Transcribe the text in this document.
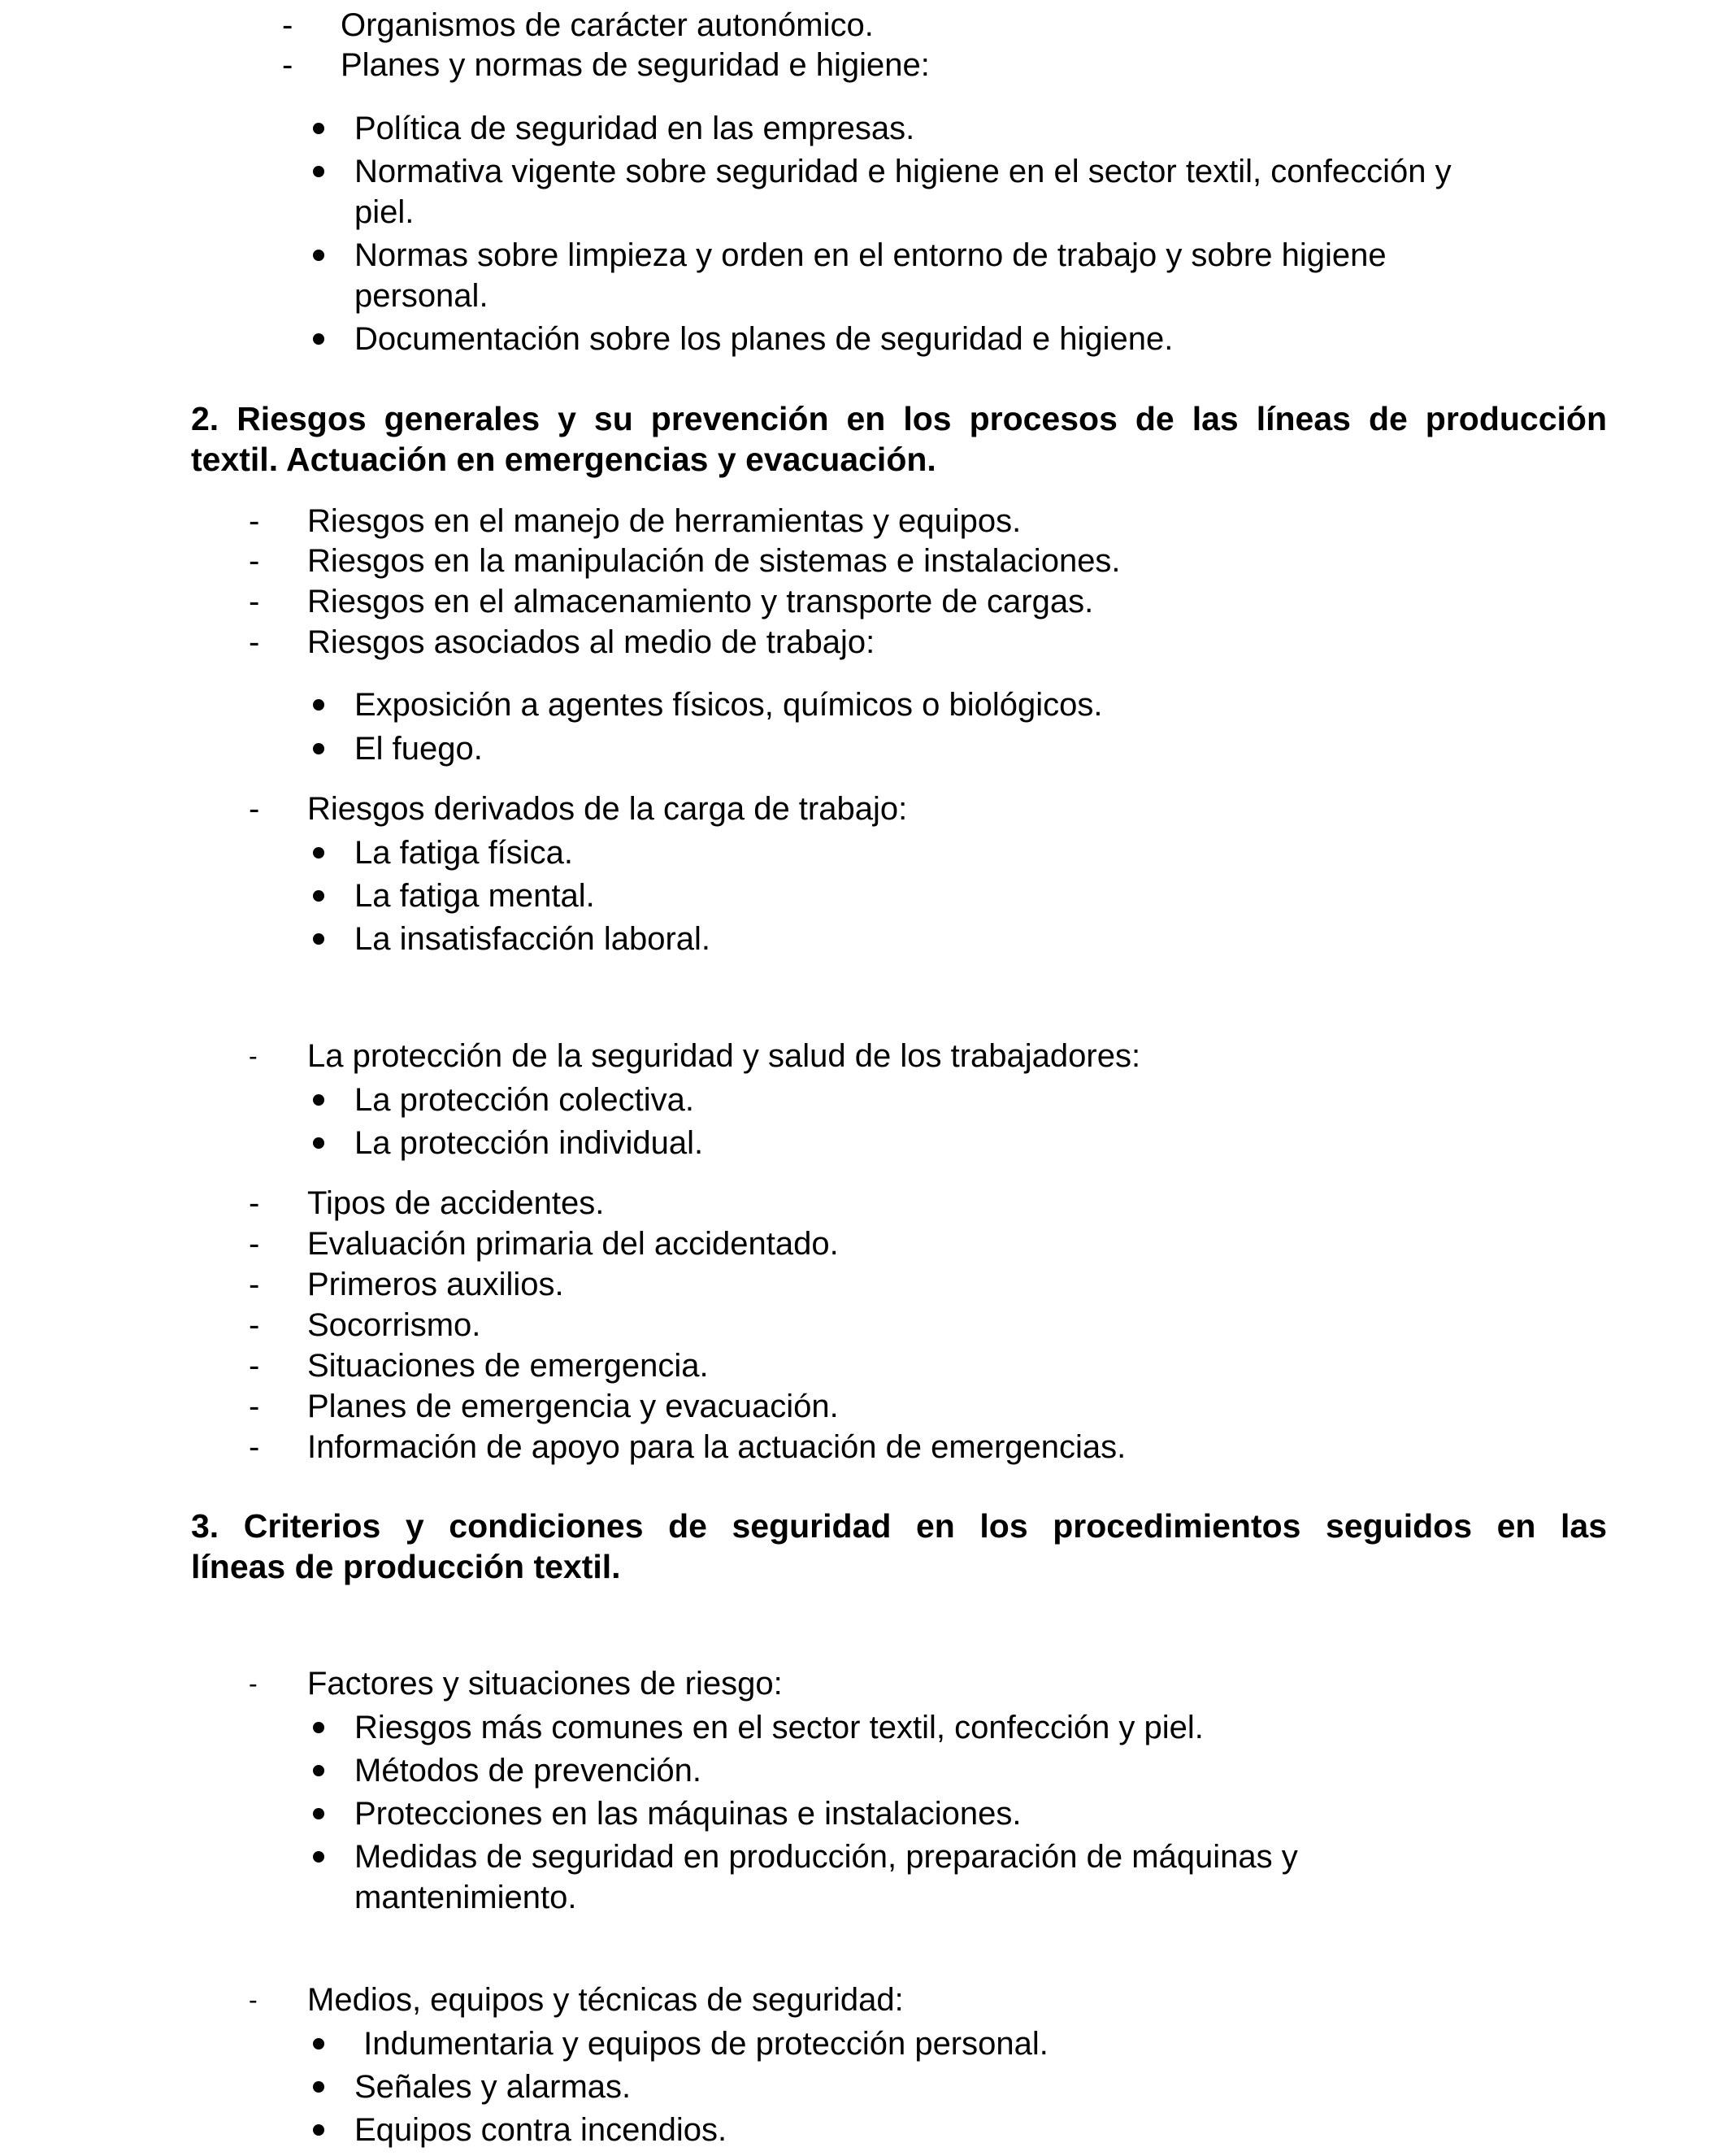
- Organismos de carácter autonómico.
- Planes y normas de seguridad e higiene:
Política de seguridad en las empresas.
Normativa vigente sobre seguridad e higiene en el sector textil, confección y
piel.
Normas sobre limpieza y orden en el entorno de trabajo y sobre higiene
personal.
Documentación sobre los planes de seguridad e higiene.
2. Riesgos generales y su prevención en los procesos de las líneas de producción
textil. Actuación en emergencias y evacuación.
- Riesgos en el manejo de herramientas y equipos.
- Riesgos en la manipulación de sistemas e instalaciones.
- Riesgos en el almacenamiento y transporte de cargas.
- Riesgos asociados al medio de trabajo:
Exposición a agentes físicos, químicos o biológicos.
El fuego.
- Riesgos derivados de la carga de trabajo:
La fatiga física.
La fatiga mental.
La insatisfacción laboral.
- La protección de la seguridad y salud de los trabajadores:
La protección colectiva.
La protección individual.
- Tipos de accidentes.
- Evaluación primaria del accidentado.
- Primeros auxilios.
- Socorrismo.
- Situaciones de emergencia.
- Planes de emergencia y evacuación.
- Información de apoyo para la actuación de emergencias.
3. Criterios y condiciones de seguridad en los procedimientos seguidos en las
líneas de producción textil.
- Factores y situaciones de riesgo:
Riesgos más comunes en el sector textil, confección y piel.
Métodos de prevención.
Protecciones en las máquinas e instalaciones.
Medidas de seguridad en producción, preparación de máquinas y
mantenimiento.
- Medios, equipos y técnicas de seguridad:
Indumentaria y equipos de protección personal.
Señales y alarmas.
Equipos contra incendios.
